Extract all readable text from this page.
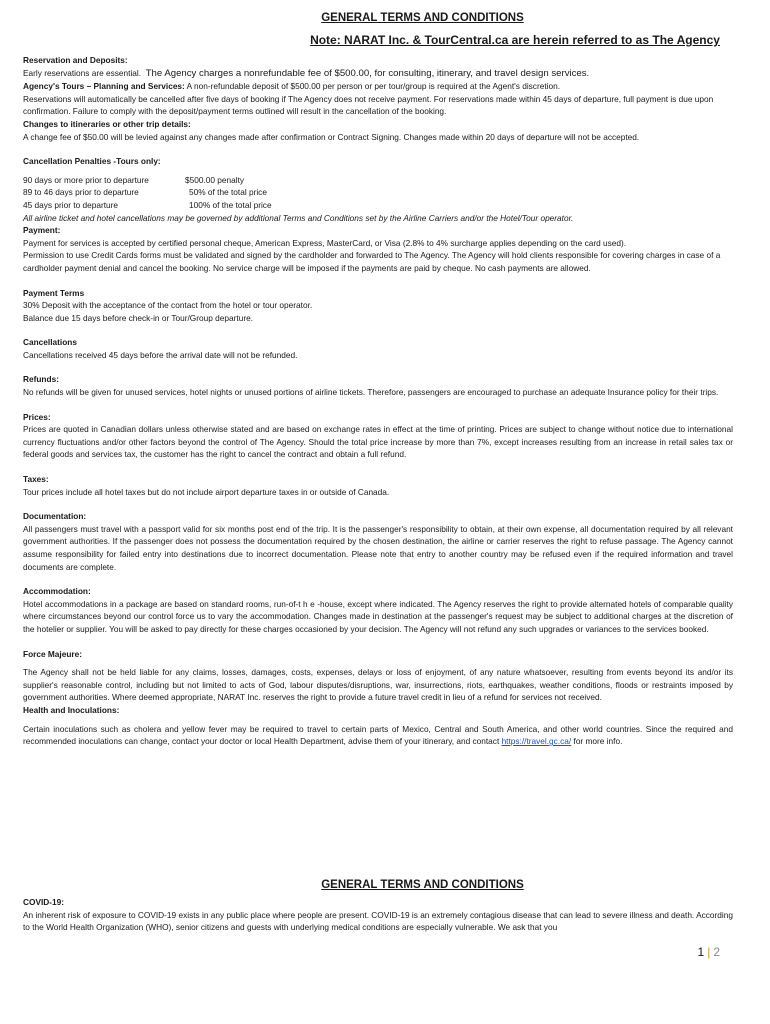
GENERAL TERMS AND CONDITIONS
Note: NARAT Inc. & TourCentral.ca are herein referred to as The Agency
Reservation and Deposits:
Early reservations are essential. The Agency charges a nonrefundable fee of $500.00, for consulting, itinerary, and travel design services.
Agency's Tours – Planning and Services: A non-refundable deposit of $500.00 per person or per tour/group is required at the Agent's discretion.
Reservations will automatically be cancelled after five days of booking if The Agency does not receive payment. For reservations made within 45 days of departure, full payment is due upon confirmation. Failure to comply with the deposit/payment terms outlined will result in the cancellation of the booking.
Changes to itineraries or other trip details:
A change fee of $50.00 will be levied against any changes made after confirmation or Contract Signing. Changes made within 20 days of departure will not be accepted.
Cancellation Penalties -Tours only:
90 days or more prior to departure	$500.00 penalty
89 to 46 days prior to departure	50% of the total price
45 days prior to departure	100% of the total price
All airline ticket and hotel cancellations may be governed by additional Terms and Conditions set by the Airline Carriers and/or the Hotel/Tour operator.
Payment:
Payment for services is accepted by certified personal cheque, American Express, MasterCard, or Visa (2.8% to 4% surcharge applies depending on the card used).
Permission to use Credit Cards forms must be validated and signed by the cardholder and forwarded to The Agency. The Agency will hold clients responsible for covering charges in case of a cardholder payment denial and cancel the booking. No service charge will be imposed if the payments are paid by cheque. No cash payments are allowed.
Payment Terms
30% Deposit with the acceptance of the contact from the hotel or tour operator.
Balance due 15 days before check-in or Tour/Group departure.
Cancellations
Cancellations received 45 days before the arrival date will not be refunded.
Refunds:
No refunds will be given for unused services, hotel nights or unused portions of airline tickets. Therefore, passengers are encouraged to purchase an adequate Insurance policy for their trips.
Prices:
Prices are quoted in Canadian dollars unless otherwise stated and are based on exchange rates in effect at the time of printing. Prices are subject to change without notice due to international currency fluctuations and/or other factors beyond the control of The Agency. Should the total price increase by more than 7%, except increases resulting from an increase in retail sales tax or federal goods and services tax, the customer has the right to cancel the contract and obtain a full refund.
Taxes:
Tour prices include all hotel taxes but do not include airport departure taxes in or outside of Canada.
Documentation:
All passengers must travel with a passport valid for six months post end of the trip. It is the passenger's responsibility to obtain, at their own expense, all documentation required by all relevant government authorities. If the passenger does not possess the documentation required by the chosen destination, the airline or carrier reserves the right to refuse passage. The Agency cannot assume responsibility for failed entry into destinations due to incorrect documentation. Please note that entry to another country may be refused even if the required information and travel documents are complete.
Accommodation:
Hotel accommodations in a package are based on standard rooms, run-of-t h e -house, except where indicated. The Agency reserves the right to provide alternated hotels of comparable quality where circumstances beyond our control force us to vary the accommodation. Changes made in destination at the passenger's request may be subject to additional charges at the discretion of the hotelier or supplier. You will be asked to pay directly for these charges occasioned by your decision. The Agency will not refund any such upgrades or variances to the services booked.
Force Majeure:
The Agency shall not be held liable for any claims, losses, damages, costs, expenses, delays or loss of enjoyment, of any nature whatsoever, resulting from events beyond its and/or its supplier's reasonable control, including but not limited to acts of God, labour disputes/disruptions, war, insurrections, riots, earthquakes, weather conditions, floods or restraints imposed by government authorities. Where deemed appropriate, NARAT Inc. reserves the right to provide a future travel credit in lieu of a refund for services not received.
Health and Inoculations:
Certain inoculations such as cholera and yellow fever may be required to travel to certain parts of Mexico, Central and South America, and other world countries. Since the required and recommended inoculations can change, contact your doctor or local Health Department, advise them of your itinerary, and contact https://travel.gc.ca/ for more info.
GENERAL TERMS AND CONDITIONS
COVID-19:
An inherent risk of exposure to COVID-19 exists in any public place where people are present. COVID-19 is an extremely contagious disease that can lead to severe illness and death. According to the World Health Organization (WHO), senior citizens and guests with underlying medical conditions are especially vulnerable. We ask that you
1 | 2
